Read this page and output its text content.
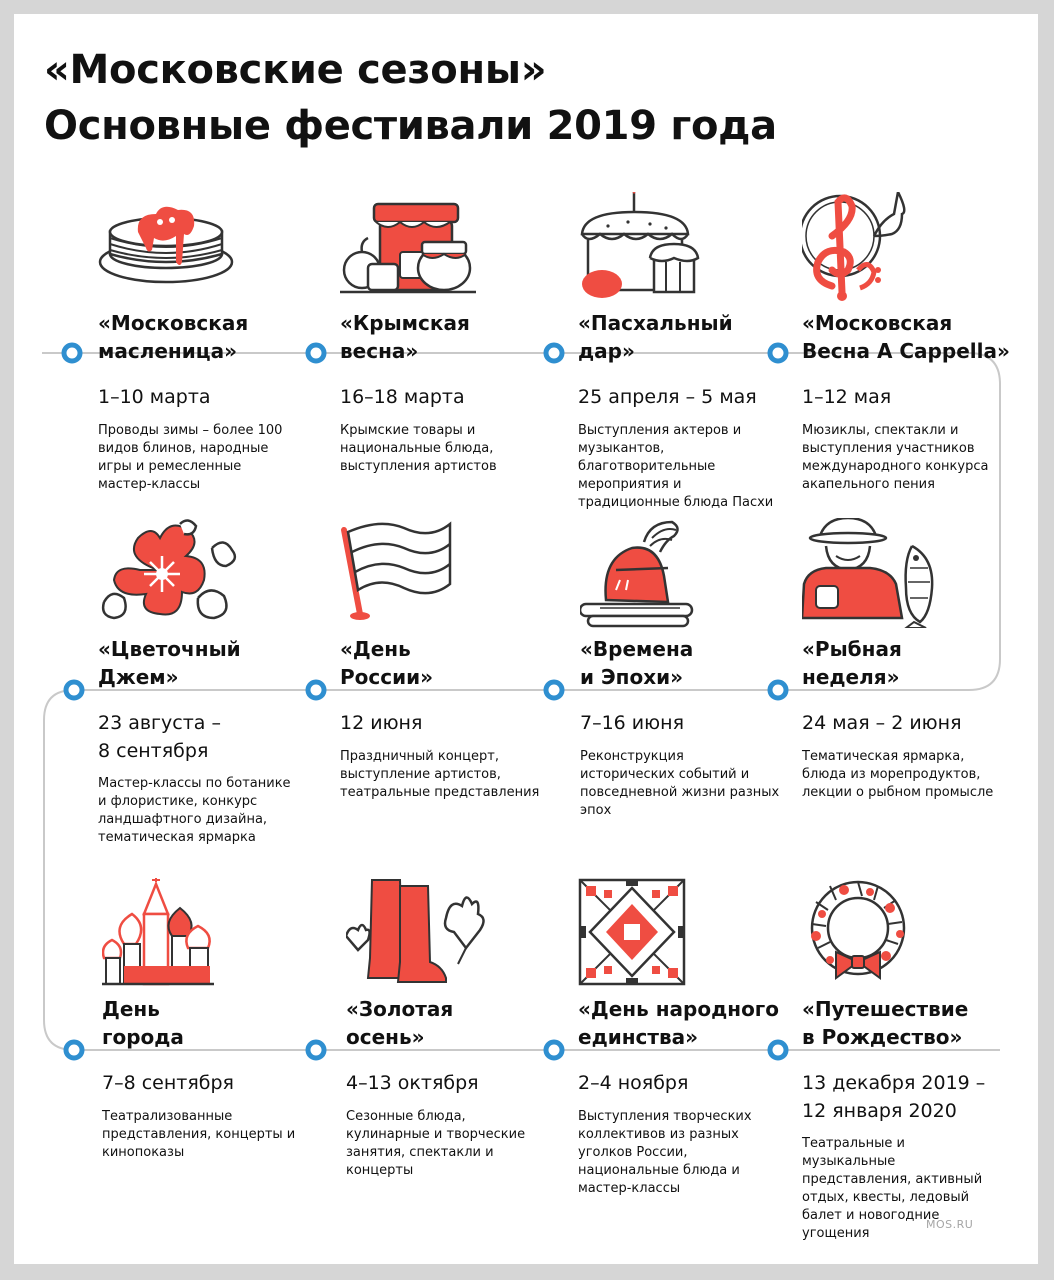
«Московские сезоны»
Основные фестивали 2019 года
«Московская
масленица»
1–10 марта
Проводы зимы – более 100 видов блинов, народные игры и ремесленные мастер-классы
«Крымская
весна»
16–18 марта
Крымские товары и национальные блюда, выступления артистов
«Пасхальный
дар»
25 апреля – 5 мая
Выступления актеров и музыкантов, благотворительные мероприятия и традиционные блюда Пасхи
«Московская
Весна A Cappella»
1–12 мая
Мюзиклы, спектакли и выступления участников международного конкурса акапельного пения
«Цветочный
Джем»
23 августа –
8 сентября
Мастер-классы по ботанике и флористике, конкурс ландшафтного дизайна, тематическая ярмарка
«День
России»
12 июня
Праздничный концерт, выступление артистов, театральные представления
«Времена
и Эпохи»
7–16 июня
Реконструкция исторических событий и повседневной жизни разных эпох
«Рыбная
неделя»
24 мая – 2 июня
Тематическая ярмарка, блюда из морепродуктов, лекции о рыбном промысле
День
города
7–8 сентября
Театрализованные представления, концерты и кинопоказы
«Золотая
осень»
4–13 октября
Сезонные блюда, кулинарные и творческие занятия, спектакли и концерты
«День народного
единства»
2–4 ноября
Выступления творческих коллективов из разных уголков России, национальные блюда и мастер-классы
«Путешествие
в Рождество»
13 декабря 2019 –
12 января 2020
Театральные и музыкальные представления, активный отдых, квесты, ледовый балет и новогодние угощения
MOS.RU
